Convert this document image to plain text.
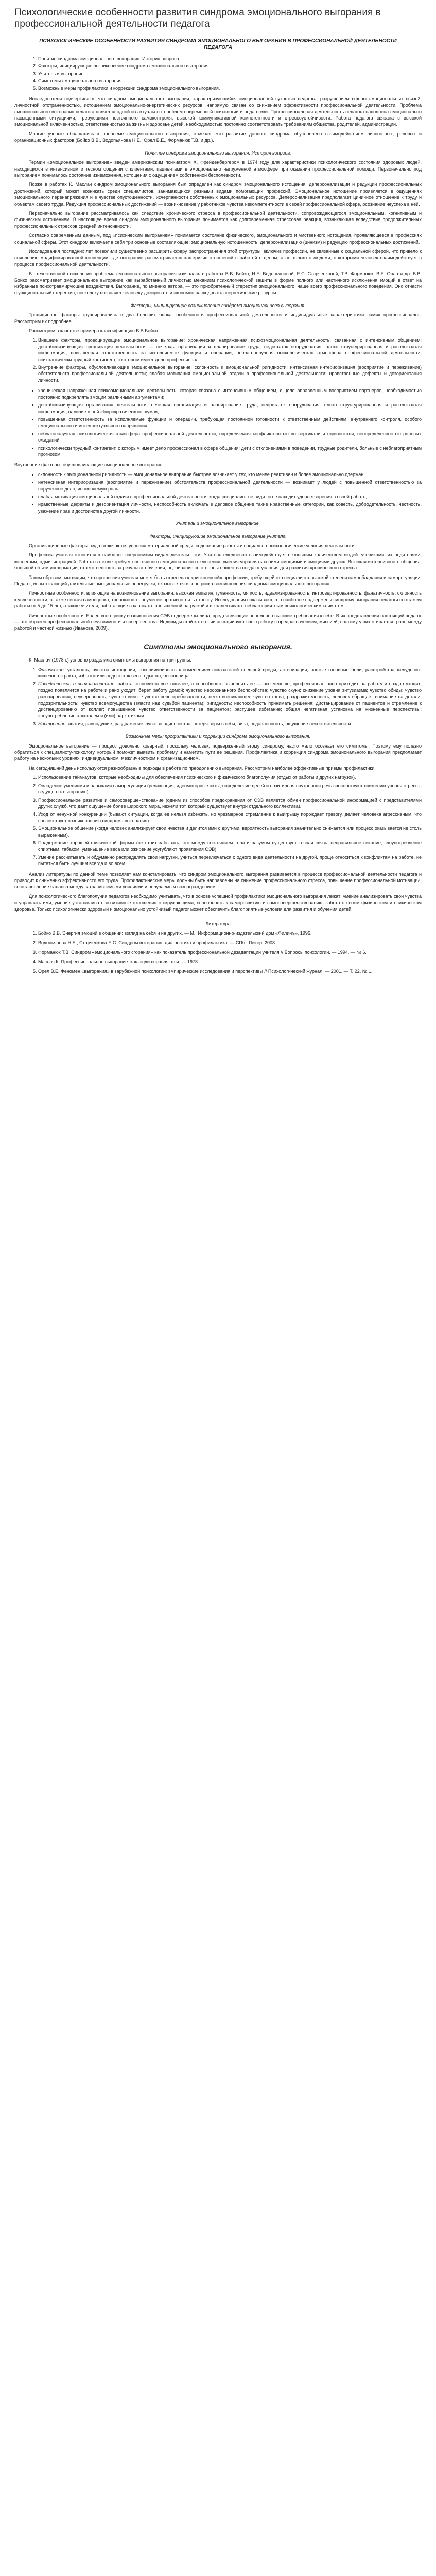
Психологические особенности развития синдрома эмоционального выгорания в профессиональной деятельности педагога
ПСИХОЛОГИЧЕСКИЕ ОСОБЕННОСТИ РАЗВИТИЯ СИНДРОМА ЭМОЦИОНАЛЬНОГО ВЫГОРАНИЯ В ПРОФЕССИОНАЛЬНОЙ ДЕЯТЕЛЬНОСТИ ПЕДАГОГА
1. Понятие синдрома эмоционального выгорания. История вопроса.
2. Факторы, инициирующие возникновение синдрома эмоционального выгорания.
3. Учитель и выгорание.
4. Симптомы эмоционального выгорания.
5. Возможные меры профилактики и коррекции синдрома эмоционального выгорания.

Исследователи подчеркивают, что синдром эмоционального выгорания, характеризующийся эмоциональной сухостью педагога, разрушением сферы эмоциональных связей, личностной отстраненностью, истощением эмоционально-энергетических ресурсов, напрямую связан со снижением эффективности профессиональной деятельности. Проблема эмоционального выгорания педагога является одной из актуальных проблем современной психологии и педагогики. Профессиональная деятельность педагога наполнена эмоционально насыщенными ситуациями, требующими постоянного самоконтроля, высокой коммуникативной компетентности и стрессоустойчивости. Работа педагога связана с высокой эмоциональной включенностью, ответственностью за жизнь и здоровье детей, необходимостью постоянно соответствовать требованиям общества, родителей, администрации.

Многие ученые обращались к проблеме эмоционального выгорания, отмечая, что развитие данного синдрома обусловлено взаимодействием личностных, ролевых и организационных факторов (Бойко В.В., Водопьянова Н.Е., Орел В.Е., Форманюк Т.В. и др.).

Понятие синдрома эмоционального выгорания. История вопроса.

Термин «эмоциональное выгорание» введен американским психиатром Х. Фрейденбергером в 1974 году для характеристики психологического состояния здоровых людей, находящихся в интенсивном и тесном общении с клиентами, пациентами в эмоционально нагруженной атмосфере при оказании профессиональной помощи. Первоначально под выгоранием понималось состояние изнеможения, истощения с ощущением собственной бесполезности.

Позже в работах К. Маслач синдром эмоционального выгорания был определен как синдром эмоционального истощения, деперсонализации и редукции профессиональных достижений, который может возникать среди специалистов, занимающихся разными видами помогающих профессий. Эмоциональное истощение проявляется в ощущениях эмоционального перенапряжения и в чувстве опустошенности, исчерпанности собственных эмоциональных ресурсов. Деперсонализация предполагает циничное отношение к труду и объектам своего труда. Редукция профессиональных достижений — возникновение у работников чувства некомпетентности в своей профессиональной сфере, осознание неуспеха в ней.

Первоначально выгорание рассматривалось как следствие хронического стресса в профессиональной деятельности, сопровождающегося эмоциональным, когнитивным и физическим истощением. В настоящее время синдром эмоционального выгорания понимается как долговременная стрессовая реакция, возникающая вследствие продолжительных профессиональных стрессов средней интенсивности.

Согласно современным данным, под «психическим выгоранием» понимается состояние физического, эмоционального и умственного истощения, проявляющееся в профессиях социальной сферы. Этот синдром включает в себя три основные составляющие: эмоциональную истощенность, деперсонализацию (цинизм) и редукцию профессиональных достижений.

Исследования последних лет позволили существенно расширить сферу распространения этой структуры, включив профессии, не связанные с социальной сферой, что привело к появлению модифицированной концепции, где выгорание рассматривается как кризис отношений с работой в целом, а не только с людьми, с которыми человек взаимодействует в процессе профессиональной деятельности.

В отечественной психологии проблема эмоционального выгорания изучалась в работах В.В. Бойко, Н.Е. Водопьяновой, Е.С. Старченковой, Т.В. Форманюк, В.Е. Орла и др. В.В. Бойко рассматривает эмоциональное выгорание как выработанный личностью механизм психологической защиты в форме полного или частичного исключения эмоций в ответ на избранные психотравмирующие воздействия. Выгорание, по мнению автора, — это приобретенный стереотип эмоционального, чаще всего профессионального поведения. Оно отчасти функциональный стереотип, поскольку позволяет человеку дозировать и экономно расходовать энергетические ресурсы.

Факторы, инициирующие возникновение синдрома эмоционального выгорания.

Традиционно факторы группировались в два больших блока: особенности профессиональной деятельности и индивидуальные характеристики самих профессионалов. Рассмотрим их подробнее.

Рассмотрим в качестве примера классификацию В.В.Бойко.

1. Внешние факторы, провоцирующие эмоциональное выгорание: хроническая напряженная психоэмоциональная деятельность, связанная с интенсивным общением; дестабилизирующая организация деятельности — нечеткая организация и планирование труда, недостаток оборудования, плохо структурированная и расплывчатая информация; повышенная ответственность за исполняемые функции и операции; неблагополучная психологическая атмосфера профессиональной деятельности; психологически трудный контингент, с которым имеет дело профессионал.
2. Внутренние факторы, обусловливающие эмоциональное выгорание: склонность к эмоциональной ригидности; интенсивная интериоризация (восприятие и переживание) обстоятельств профессиональной деятельности; слабая мотивация эмоциональной отдачи в профессиональной деятельности; нравственные дефекты и дезориентация личности.
• хроническая напряженная психоэмоциональная деятельность, которая связана с интенсивным общением, с целенаправленным восприятием партнеров, необходимостью постоянно подкреплять эмоции различными аргументами;
• дестабилизирующая организация деятельности: нечеткая организация и планирование труда, недостаток оборудования, плохо структурированная и расплывчатая информация, наличие в ней «бюрократического шума»;
• повышенная ответственность за исполняемые функции и операции, требующая постоянной готовности к ответственным действиям, внутреннего контроля, особого эмоционального и интеллектуального напряжения;
• неблагополучная психологическая атмосфера профессиональной деятельности, определяемая конфликтностью по вертикали и горизонтали, неопределенностью ролевых ожиданий;
• психологически трудный контингент, с которым имеет дело профессионал в сфере общения: дети с отклонениями в поведении, трудные родители, больные с неблагоприятным прогнозом.

Внутренние факторы, обусловливающие эмоциональное выгорание:

• склонность к эмоциональной ригидности — эмоциональное выгорание быстрее возникает у тех, кто менее реактивен и более эмоционально сдержан;
• интенсивная интериоризация (восприятие и переживание) обстоятельств профессиональной деятельности — возникает у людей с повышенной ответственностью за порученное дело, исполняемую роль;
• слабая мотивация эмоциональной отдачи в профессиональной деятельности, когда специалист не видит и не находит удовлетворения в своей работе;
• нравственные дефекты и дезориентация личности, неспособность включать в деловое общение такие нравственные категории, как совесть, добродетельность, честность, уважение прав и достоинства другой личности.
Учитель и эмоциональное выгорание.
Факторы, инициирующие эмоциональное выгорание учителя.

Организационные факторы, куда включаются условия материальной среды, содержание работы и социально-психологические условия деятельности.

Профессия учителя относится к наиболее энергоемким видам деятельности. Учитель ежедневно взаимодействует с большим количеством людей: учениками, их родителями, коллегами, администрацией. Работа в школе требует постоянного эмоционального включения, умения управлять своими эмоциями и эмоциями других. Высокая интенсивность общения, большой объем информации, ответственность за результат обучения, оценивание со стороны общества создают условия для развития хронического стресса.

Таким образом, мы видим, что профессия учителя может быть отнесена к «рискогенной» профессии, требующей от специалиста высокой степени самообладания и саморегуляции. Педагог, испытывающий длительные эмоциональные перегрузки, оказывается в зоне риска возникновения синдрома эмоционального выгорания.

Личностные особенности, влияющие на возникновение выгорания: высокая эмпатия, гуманность, мягкость, идеализированность, интровертированность, фанатичность, склонность к увлеченности, а также низкая самооценка, тревожность, неумение противостоять стрессу. Исследования показывают, что наиболее подвержены синдрому выгорания педагоги со стажем работы от 5 до 15 лет, а также учителя, работающие в классах с повышенной нагрузкой и в коллективах с неблагоприятным психологическим климатом.

Личностные особенности. Более всего риску возникновения СЭВ подвержены лица, предъявляющие непомерно высокие требования к себе. В их представлении настоящий педагог — это образец профессиональной неуязвимости и совершенства. Индивиды этой категории ассоциируют свою работу с предназначением, миссией, поэтому у них стирается грань между работой и частной жизнью (Иванова, 2009).

Симптомы эмоционального выгорания.

К. Маслач (1978 г.) условно разделила симптомы выгорания на три группы.

1. Физические: усталость, чувство истощения, восприимчивость к изменениям показателей внешней среды, астенизация, частые головные боли, расстройства желудочно-кишечного тракта, избыток или недостаток веса, одышка, бессонница.
2. Поведенческие и психологические: работа становится все тяжелее, а способность выполнять ее — все меньше; профессионал рано приходит на работу и поздно уходит; поздно появляется на работе и рано уходит; берет работу домой; чувство неосознанного беспокойства; чувство скуки; снижение уровня энтузиазма; чувство обиды; чувство разочарования; неуверенность; чувство вины; чувство невостребованности; легко возникающее чувство гнева; раздражительность; человек обращает внимание на детали; подозрительность; чувство всемогущества (власти над судьбой пациента); ригидность; неспособность принимать решения; дистанцирование от пациентов и стремление к дистанцированию от коллег; повышенное чувство ответственности за пациентов; растущее избегание; общая негативная установка на жизненные перспективы; злоупотребление алкоголем и (или) наркотиками.
3. Настроение: апатия, равнодушие, раздражение, чувство одиночества, потеря веры в себя, вина, подавленность, ощущение несостоятельности.
Возможные меры профилактики и коррекции синдрома эмоционального выгорания.

Эмоциональное выгорание — процесс довольно коварный, поскольку человек, подверженный этому синдрому, часто мало осознает его симптомы. Поэтому ему полезно обратиться к специалисту-психологу, который поможет выявить проблему и наметить пути ее решения. Профилактика и коррекция синдрома эмоционального выгорания предполагает работу на нескольких уровнях: индивидуальном, межличностном и организационном.

На сегодняшний день используются разнообразные подходы в работе по преодолению выгорания. Рассмотрим наиболее эффективные приемы профилактики.

1. Использование тайм-аутов, которые необходимы для обеспечения психического и физического благополучия (отдых от работы и других нагрузок).
2. Овладение умениями и навыками саморегуляции (релаксация, идеомоторные акты, определение целей и позитивная внутренняя речь способствуют снижению уровня стресса, ведущего к выгоранию).
3. Профессиональное развитие и самосовершенствование (одним из способов предохранения от СЭВ является обмен профессиональной информацией с представителями других служб, что дает ощущение более широкого мира, нежели тот, который существует внутри отдельного коллектива).
4. Уход от ненужной конкуренции (бывают ситуации, когда ее нельзя избежать, но чрезмерное стремление к выигрышу порождает тревогу, делает человека агрессивным, что способствует возникновению синдрома выгорания).
5. Эмоциональное общение (когда человек анализирует свои чувства и делится ими с другими, вероятность выгорания значительно снижается или процесс оказывается не столь выраженным).
6. Поддержание хорошей физической формы (не стоит забывать, что между состоянием тела и разумом существует тесная связь: неправильное питание, злоупотребление спиртным, табаком, уменьшение веса или ожирение усугубляют проявления СЭВ).
7. Умение рассчитывать и обдуманно распределять свои нагрузки, учиться переключаться с одного вида деятельности на другой, проще относиться к конфликтам на работе, не пытаться быть лучшим всегда и во всем.

Анализ литературы по данной теме позволяет нам констатировать, что синдром эмоционального выгорания развивается в процессе профессиональной деятельности педагога и приводит к снижению эффективности его труда. Профилактические меры должны быть направлены на снижение профессионального стресса, повышение профессиональной мотивации, восстановление баланса между затрачиваемыми усилиями и получаемым вознаграждением.

Для психологического благополучия педагогов необходимо учитывать, что в основе успешной профилактики эмоционального выгорания лежат: умение анализировать свои чувства и управлять ими, умение устанавливать позитивные отношения с окружающими, способность к саморазвитию и самосовершенствованию, забота о своем физическом и психическом здоровье. Только психологически здоровый и эмоционально устойчивый педагог может обеспечить благоприятные условия для развития и обучения детей.

Литература
1. Бойко В.В. Энергия эмоций в общении: взгляд на себя и на других. — М.: Информационно-издательский дом «Филинъ», 1996.
2. Водопьянова Н.Е., Старченкова Е.С. Синдром выгорания: диагностика и профилактика. — СПб.: Питер, 2008.
3. Форманюк Т.В. Синдром «эмоционального сгорания» как показатель профессиональной дезадаптации учителя // Вопросы психологии. — 1994. — № 6.
4. Маслач К. Профессиональное выгорание: как люди справляются. — 1978.
5. Орел В.Е. Феномен «выгорания» в зарубежной психологии: эмпирические исследования и перспективы // Психологический журнал. — 2001. — Т. 22, № 1.
